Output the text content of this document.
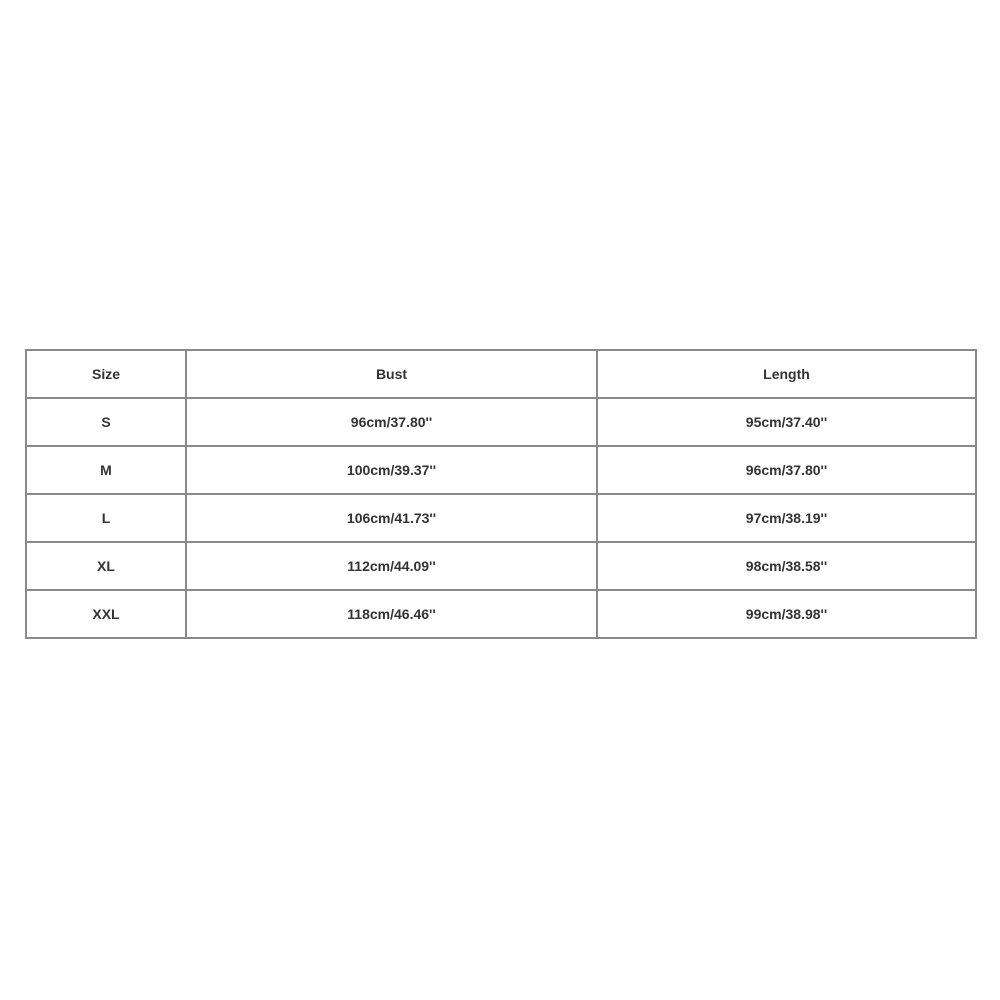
Size	Bust	Length
S	96cm/37.80''	95cm/37.40''
M	100cm/39.37''	96cm/37.80''
L	106cm/41.73''	97cm/38.19''
XL	112cm/44.09''	98cm/38.58''
XXL	118cm/46.46''	99cm/38.98''
